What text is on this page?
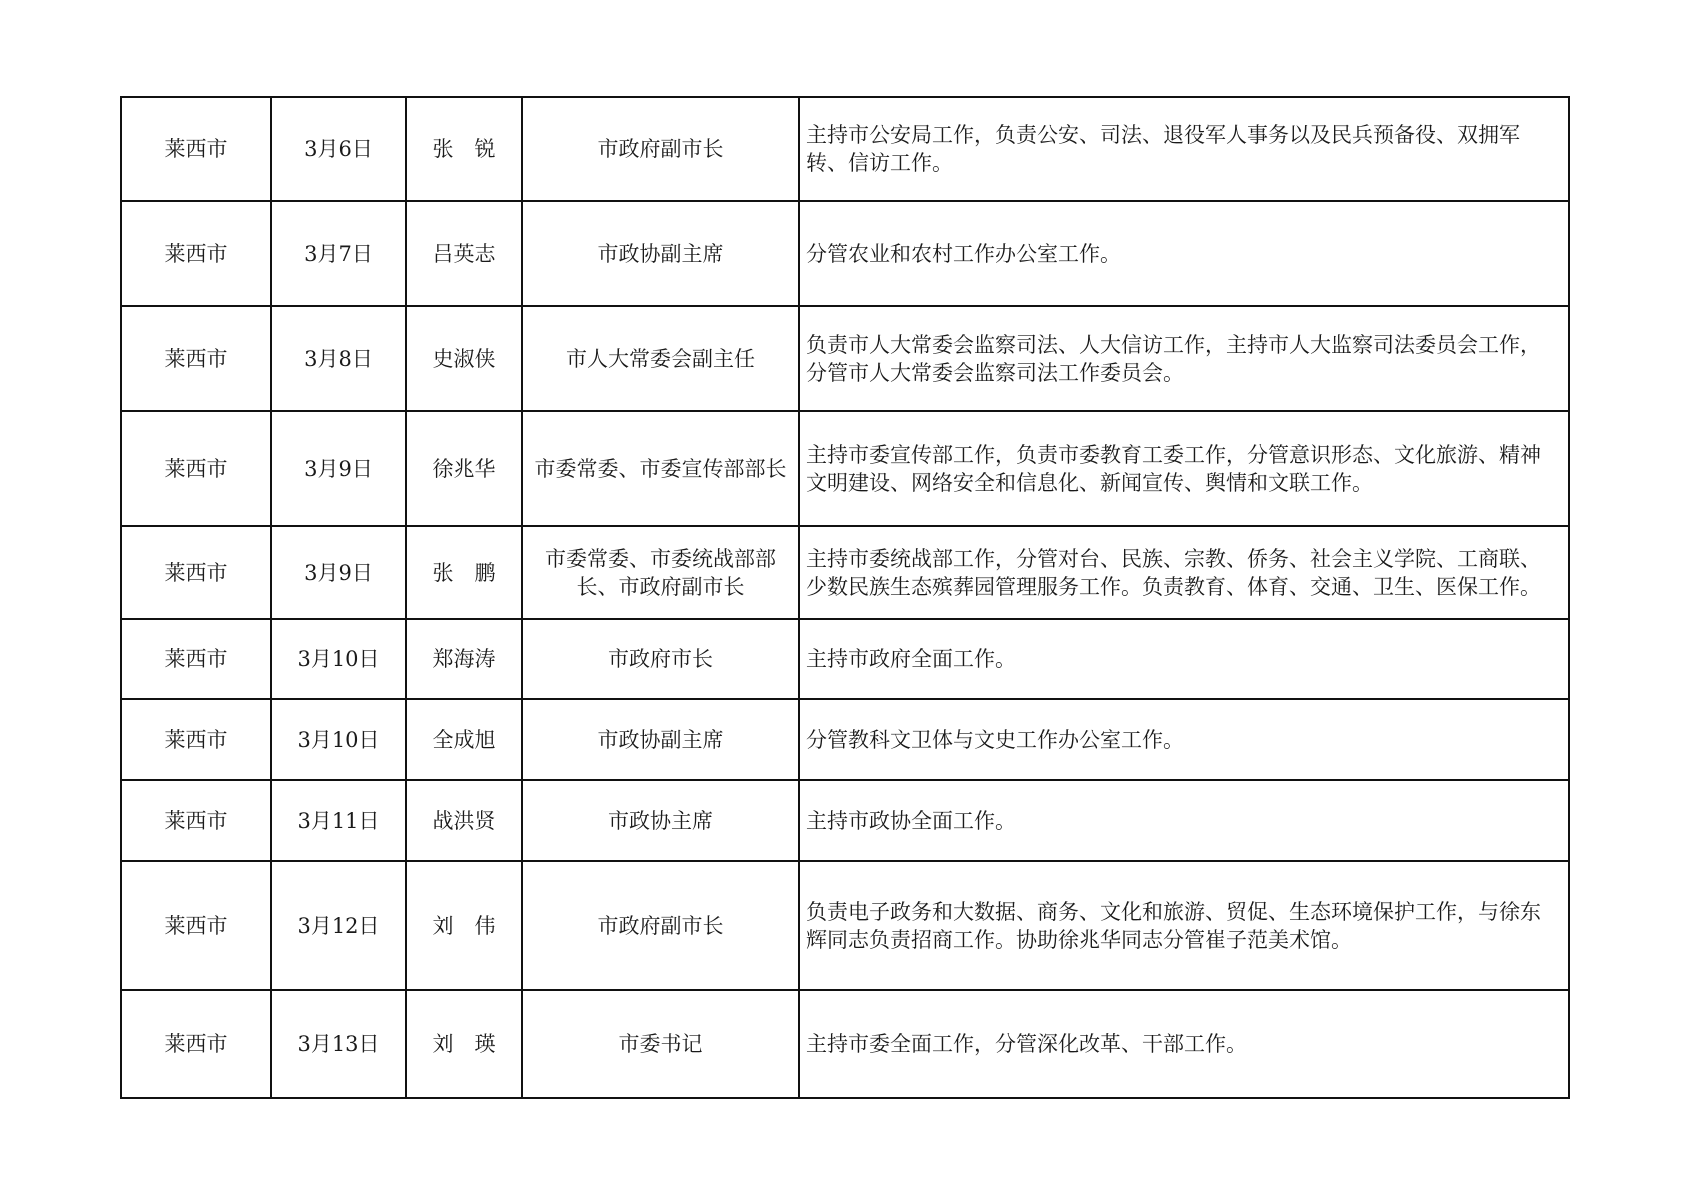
莱西市	3月6日	张　锐	市政府副市长	主持市公安局工作，负责公安、司法、退役军人事务以及民兵预备役、双拥军转、信访工作。
莱西市	3月7日	吕英志	市政协副主席	分管农业和农村工作办公室工作。
莱西市	3月8日	史淑侠	市人大常委会副主任	负责市人大常委会监察司法、人大信访工作，主持市人大监察司法委员会工作，分管市人大常委会监察司法工作委员会。
莱西市	3月9日	徐兆华	市委常委、市委宣传部部长	主持市委宣传部工作，负责市委教育工委工作，分管意识形态、文化旅游、精神文明建设、网络安全和信息化、新闻宣传、舆情和文联工作。
莱西市	3月9日	张　鹏	市委常委、市委统战部部长、市政府副市长	主持市委统战部工作，分管对台、民族、宗教、侨务、社会主义学院、工商联、少数民族生态殡葬园管理服务工作。负责教育、体育、交通、卫生、医保工作。
莱西市	3月10日	郑海涛	市政府市长	主持市政府全面工作。
莱西市	3月10日	全成旭	市政协副主席	分管教科文卫体与文史工作办公室工作。
莱西市	3月11日	战洪贤	市政协主席	主持市政协全面工作。
莱西市	3月12日	刘　伟	市政府副市长	负责电子政务和大数据、商务、文化和旅游、贸促、生态环境保护工作，与徐东辉同志负责招商工作。协助徐兆华同志分管崔子范美术馆。
莱西市	3月13日	刘　瑛	市委书记	主持市委全面工作，分管深化改革、干部工作。
